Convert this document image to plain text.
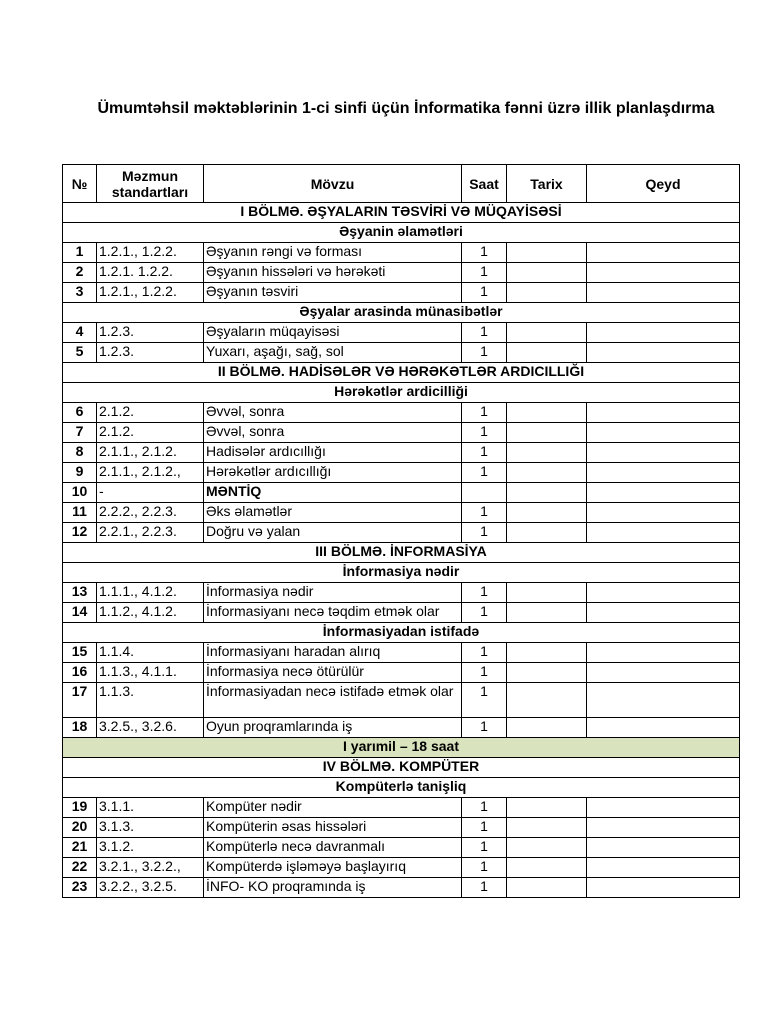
Ümumtəhsil məktəblərinin 1-ci sinfi üçün İnformatika fənni üzrə illik planlaşdırma
№	Məzmun standartları	Mövzu	Saat	Tarix	Qeyd
I BÖLMƏ. ƏŞYALARIN TƏSVİRİ VƏ MÜQAYİSƏSİ					
Əşyanin əlamətləri					
1	1.2.1., 1.2.2.	Əşyanın rəngi və forması	1		
2	1.2.1. 1.2.2.	Əşyanın hissələri və hərəkəti	1		
3	1.2.1., 1.2.2.	Əşyanın təsviri	1		
Əşyalar arasinda münasibətlər					
4	1.2.3.	Əşyaların müqayisəsi	1		
5	1.2.3.	Yuxarı, aşağı, sağ, sol	1		
II BÖLMƏ. HADİSƏLƏR VƏ HƏRƏKƏTLƏR ARDICILLIĞI					
Hərəkətlər ardicilliği					
6	2.1.2.	Əvvəl, sonra	1		
7	2.1.2.	Əvvəl, sonra	1		
8	2.1.1., 2.1.2.	Hadisələr ardıcıllığı	1		
9	2.1.1., 2.1.2.,	Hərəkətlər ardıcıllığı	1		
10	-	MƏNTİQ			
11	2.2.2., 2.2.3.	Əks əlamətlər	1		
12	2.2.1., 2.2.3.	Doğru və yalan	1		
III BÖLMƏ. İNFORMASİYA					
İnformasiya nədir					
13	1.1.1., 4.1.2.	İnformasiya nədir	1		
14	1.1.2., 4.1.2.	İnformasiyanı necə təqdim etmək olar	1		
İnformasiyadan istifadə					
15	1.1.4.	İnformasiyanı haradan alırıq	1		
16	1.1.3., 4.1.1.	İnformasiya necə ötürülür	1		
17	1.1.3.	İnformasiyadan necə istifadə etmək olar	1		
18	3.2.5., 3.2.6.	Oyun proqramlarında iş	1		
I yarımil – 18 saat					
IV BÖLMƏ. KOMPÜTER					
Kompüterlə tanişliq					
19	3.1.1.	Kompüter nədir	1		
20	3.1.3.	Kompüterin əsas hissələri	1		
21	3.1.2.	Kompüterlə necə davranmalı	1		
22	3.2.1., 3.2.2.,	Kompüterdə işləməyə başlayırıq	1		
23	3.2.2., 3.2.5.	İNFO- KO proqramında iş	1		
